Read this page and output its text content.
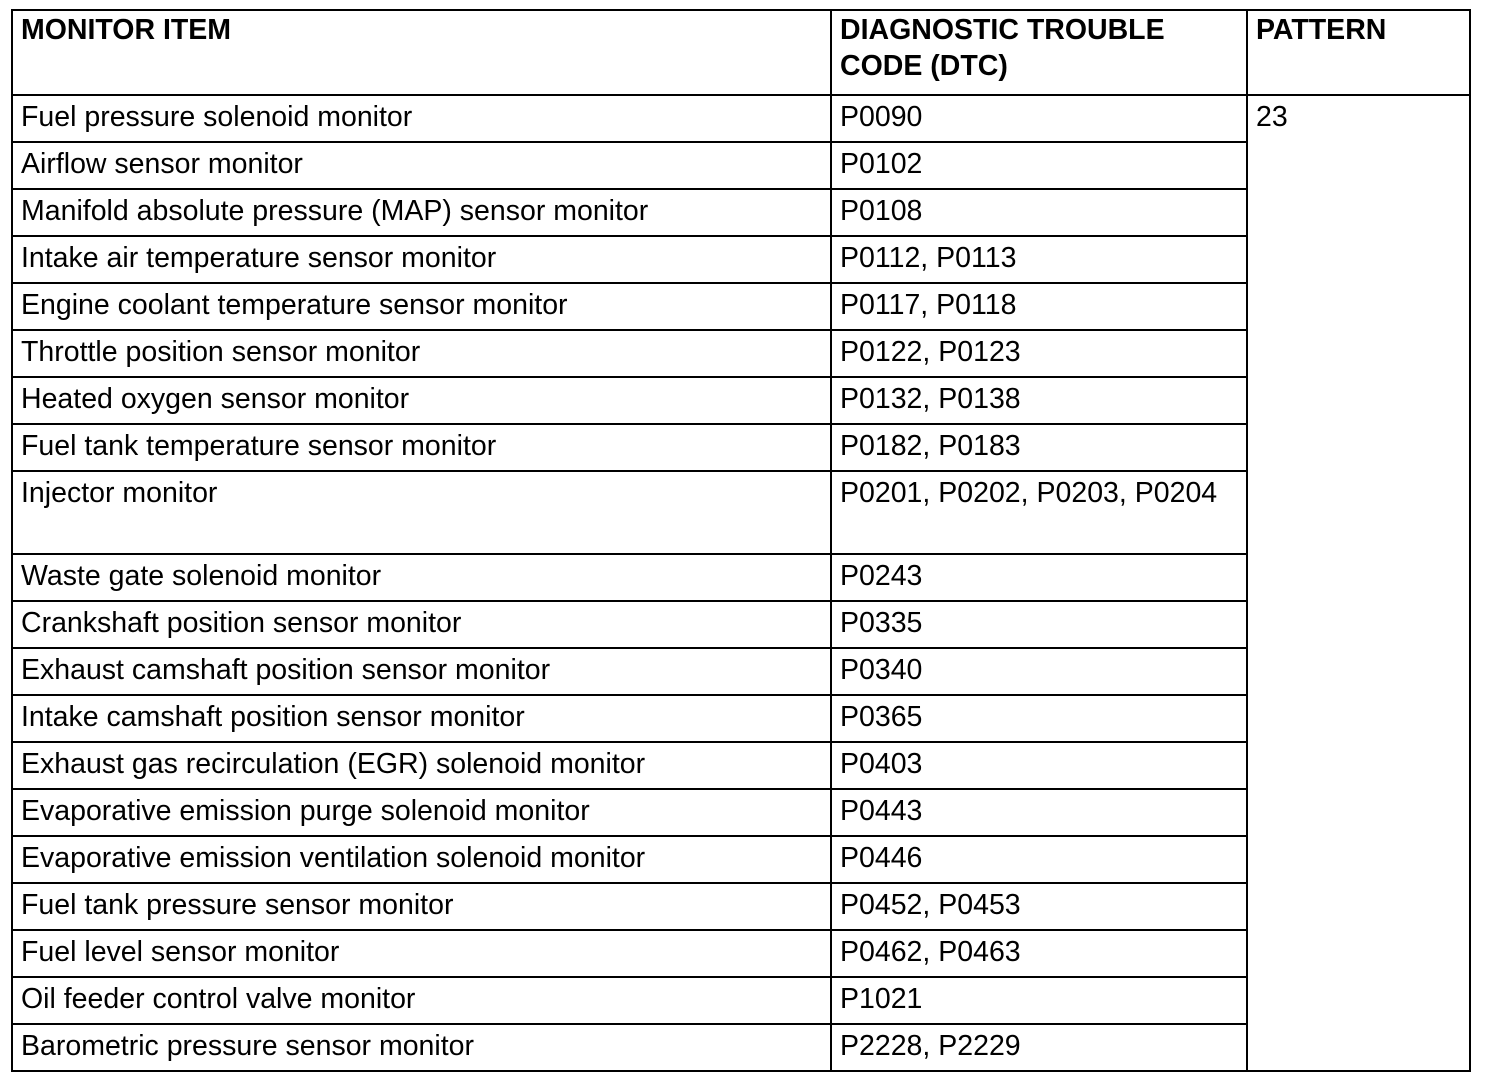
MONITOR ITEM	DIAGNOSTIC TROUBLE CODE (DTC)	PATTERN

Fuel pressure solenoid monitor	P0090	23

Airflow sensor monitor	P0102	

Manifold absolute pressure (MAP) sensor monitor	P0108	

Intake air temperature sensor monitor	P0112, P0113	

Engine coolant temperature sensor monitor	P0117, P0118	

Throttle position sensor monitor	P0122, P0123	

Heated oxygen sensor monitor	P0132, P0138	

Fuel tank temperature sensor monitor	P0182, P0183	

Injector monitor	P0201, P0202, P0203, P0204	

Waste gate solenoid monitor	P0243	

Crankshaft position sensor monitor	P0335	

Exhaust camshaft position sensor monitor	P0340	

Intake camshaft position sensor monitor	P0365	

Exhaust gas recirculation (EGR) solenoid monitor	P0403	

Evaporative emission purge solenoid monitor	P0443	

Evaporative emission ventilation solenoid monitor	P0446	

Fuel tank pressure sensor monitor	P0452, P0453	

Fuel level sensor monitor	P0462, P0463	

Oil feeder control valve monitor	P1021	

Barometric pressure sensor monitor	P2228, P2229	
